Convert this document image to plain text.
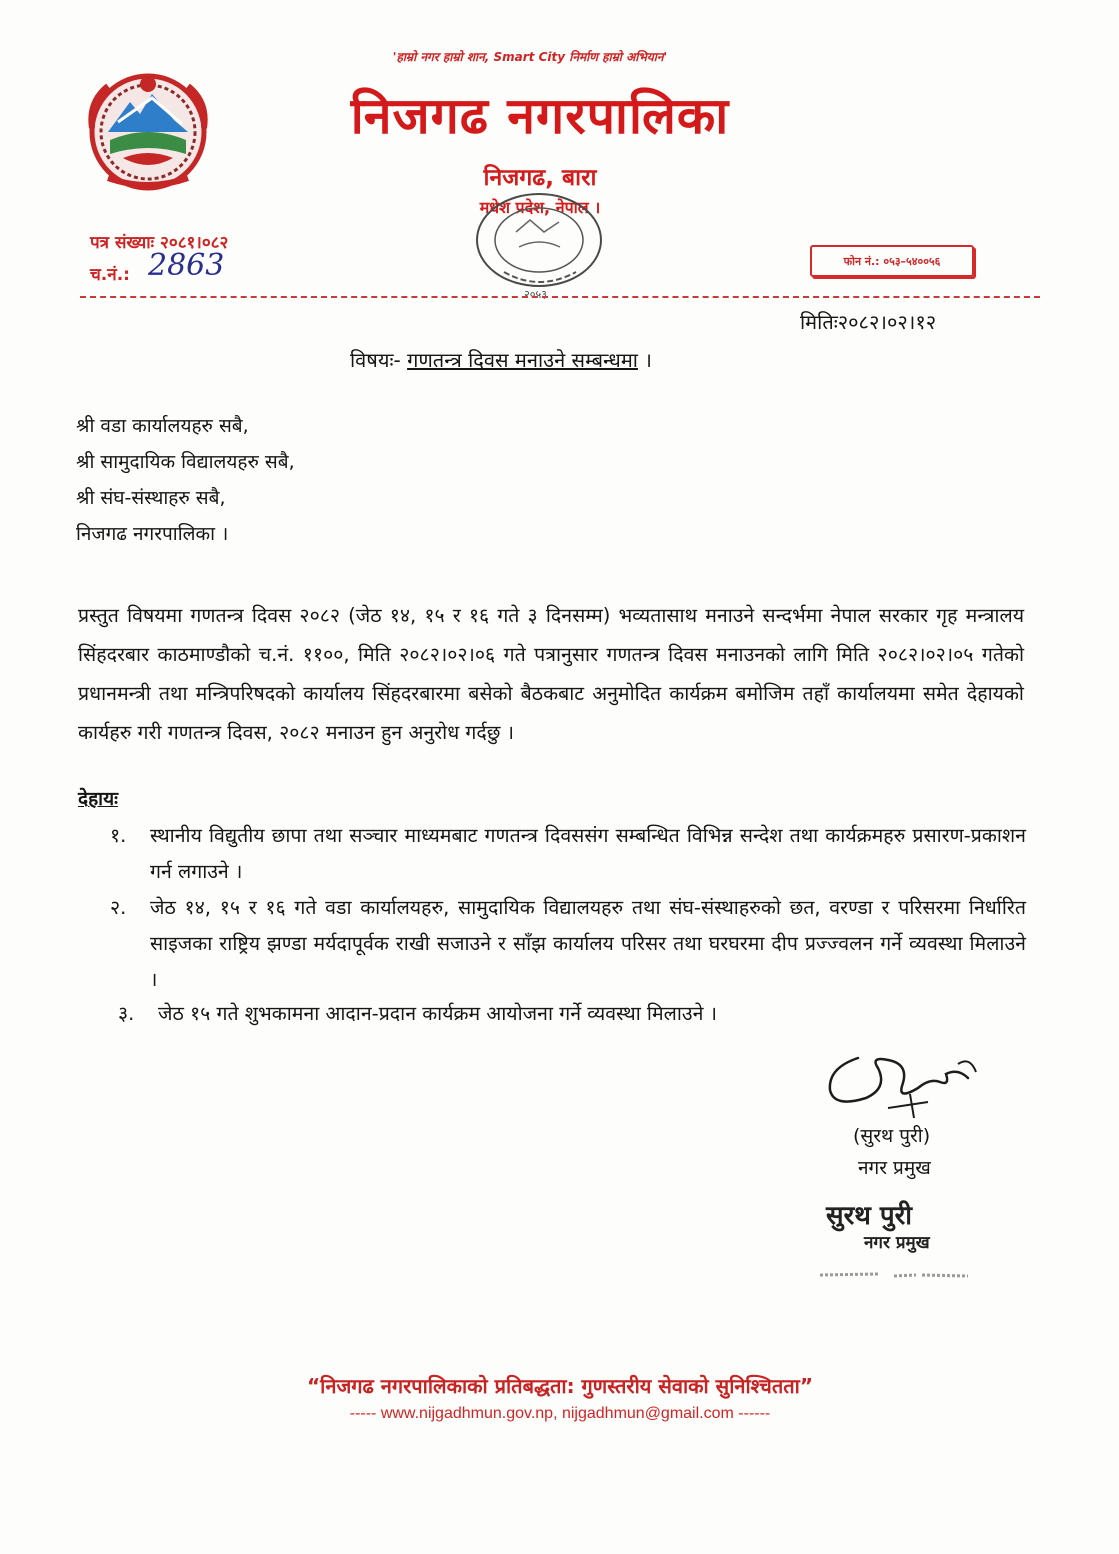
'हाम्रो नगर हाम्रो शान, Smart City निर्माण हाम्रो अभियान'
निजगढ नगरपालिका
निजगढ, बारा
मधेश प्रदेश, नेपाल ।
२०५३
पत्र संख्याः २०८१।०८२
च.नं.: 2863	फोन नं.: ०५३–५४००५६
मितिः२०८२।०२।१२
विषयः- गणतन्त्र दिवस मनाउने सम्बन्धमा ।
श्री वडा कार्यालयहरु सबै,
श्री सामुदायिक विद्यालयहरु सबै,
श्री संघ-संस्थाहरु सबै,
निजगढ नगरपालिका ।
प्रस्तुत विषयमा गणतन्त्र दिवस २०८२ (जेठ १४, १५ र १६ गते ३ दिनसम्म) भव्यतासाथ मनाउने सन्दर्भमा नेपाल सरकार गृह मन्त्रालय सिंहदरबार काठमाण्डौको च.नं. ११००, मिति २०८२।०२।०६ गते पत्रानुसार गणतन्त्र दिवस मनाउनको लागि मिति २०८२।०२।०५ गतेको प्रधानमन्त्री तथा मन्त्रिपरिषदको कार्यालय सिंहदरबारमा बसेको बैठकबाट अनुमोदित कार्यक्रम बमोजिम तहाँ कार्यालयमा समेत देहायको कार्यहरु गरी गणतन्त्र दिवस, २०८२ मनाउन हुन अनुरोध गर्दछु ।
देहायः
१. स्थानीय विद्युतीय छापा तथा सञ्चार माध्यमबाट गणतन्त्र दिवससंग सम्बन्धित विभिन्न सन्देश तथा कार्यक्रमहरु प्रसारण-प्रकाशन गर्न लगाउने ।
२. जेठ १४, १५ र १६ गते वडा कार्यालयहरु, सामुदायिक विद्यालयहरु तथा संघ-संस्थाहरुको छत, वरण्डा र परिसरमा निर्धारित साइजका राष्ट्रिय झण्डा मर्यदापूर्वक राखी सजाउने र साँझ कार्यालय परिसर तथा घरघरमा दीप प्रज्ज्वलन गर्ने व्यवस्था मिलाउने ।
३. जेठ १५ गते शुभकामना आदान-प्रदान कार्यक्रम आयोजना गर्ने व्यवस्था मिलाउने ।
(सुरथ पुरी)
नगर प्रमुख
सुरथ पुरी
नगर प्रमुख
“निजगढ नगरपालिकाको प्रतिबद्धता: गुणस्तरीय सेवाको सुनिश्चितता”
----- www.nijgadhmun.gov.np, nijgadhmun@gmail.com ------
